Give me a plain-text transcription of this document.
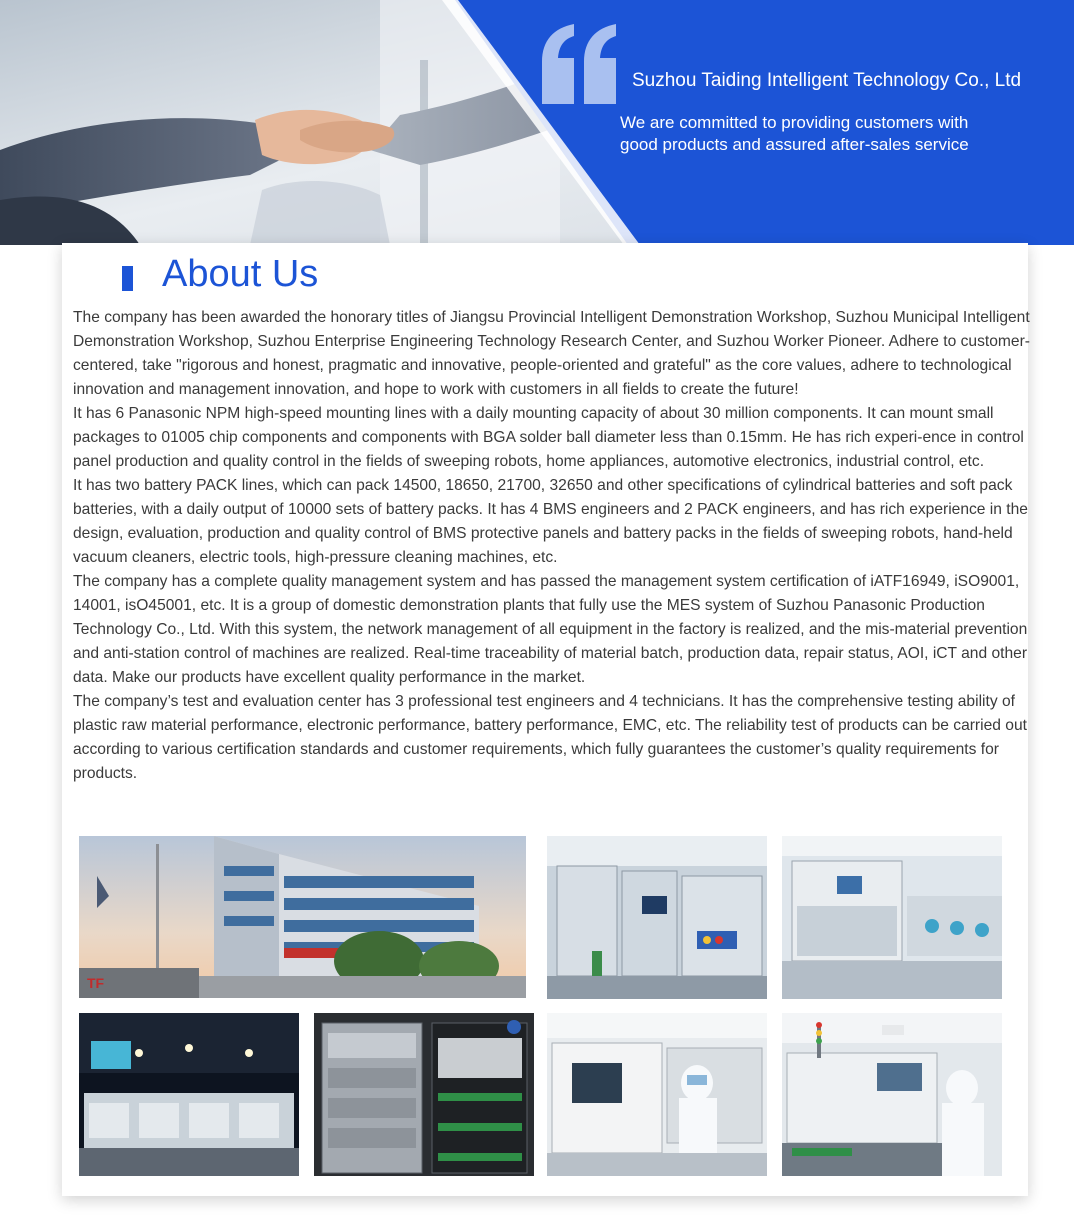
Suzhou Taiding Intelligent Technology Co., Ltd
We are committed to providing customers with
good products and assured after-sales service
About Us

The company has been awarded the honorary titles of Jiangsu Provincial Intelligent Demonstration Workshop, Suzhou Municipal Intelligent Demonstration Workshop, Suzhou Enterprise Engineering Technology Research Center, and Suzhou Worker Pioneer. Adhere to customer-centered, take "rigorous and honest, pragmatic and innovative, people-oriented and grateful" as the core values, adhere to technological innovation and management innovation, and hope to work with customers in all fields to create the future!

It has 6 Panasonic NPM high-speed mounting lines with a daily mounting capacity of about 30 million components. It can mount small packages to 01005 chip components and components with BGA solder ball diameter less than 0.15mm. He has rich experi-ence in control panel production and quality control in the fields of sweeping robots, home appliances, automotive electronics, industrial control, etc.

It has two battery PACK lines, which can pack 14500, 18650, 21700, 32650 and other specifications of cylindrical batteries and soft pack batteries, with a daily output of 10000 sets of battery packs. It has 4 BMS engineers and 2 PACK engineers, and has rich experience in the design, evaluation, production and quality control of BMS protective panels and battery packs in the fields of sweeping robots, hand-held vacuum cleaners, electric tools, high-pressure cleaning machines, etc.

The company has a complete quality management system and has passed the management system certification of iATF16949, iSO9001, 14001, isO45001, etc. It is a group of domestic demonstration plants that fully use the MES system of Suzhou Panasonic Production Technology Co., Ltd. With this system, the network management of all equipment in the factory is realized, and the mis-material prevention and anti-station control of machines are realized. Real-time traceability of material batch, production data, repair status, AOI, iCT and other data. Make our products have excellent quality performance in the market.

The company’s test and evaluation center has 3 professional test engineers and 4 technicians. It has the comprehensive testing ability of plastic raw material performance, electronic performance, battery performance, EMC, etc. The reliability test of products can be carried out according to various certification standards and customer requirements, which fully guarantees the customer’s quality requirements for products.

TF
